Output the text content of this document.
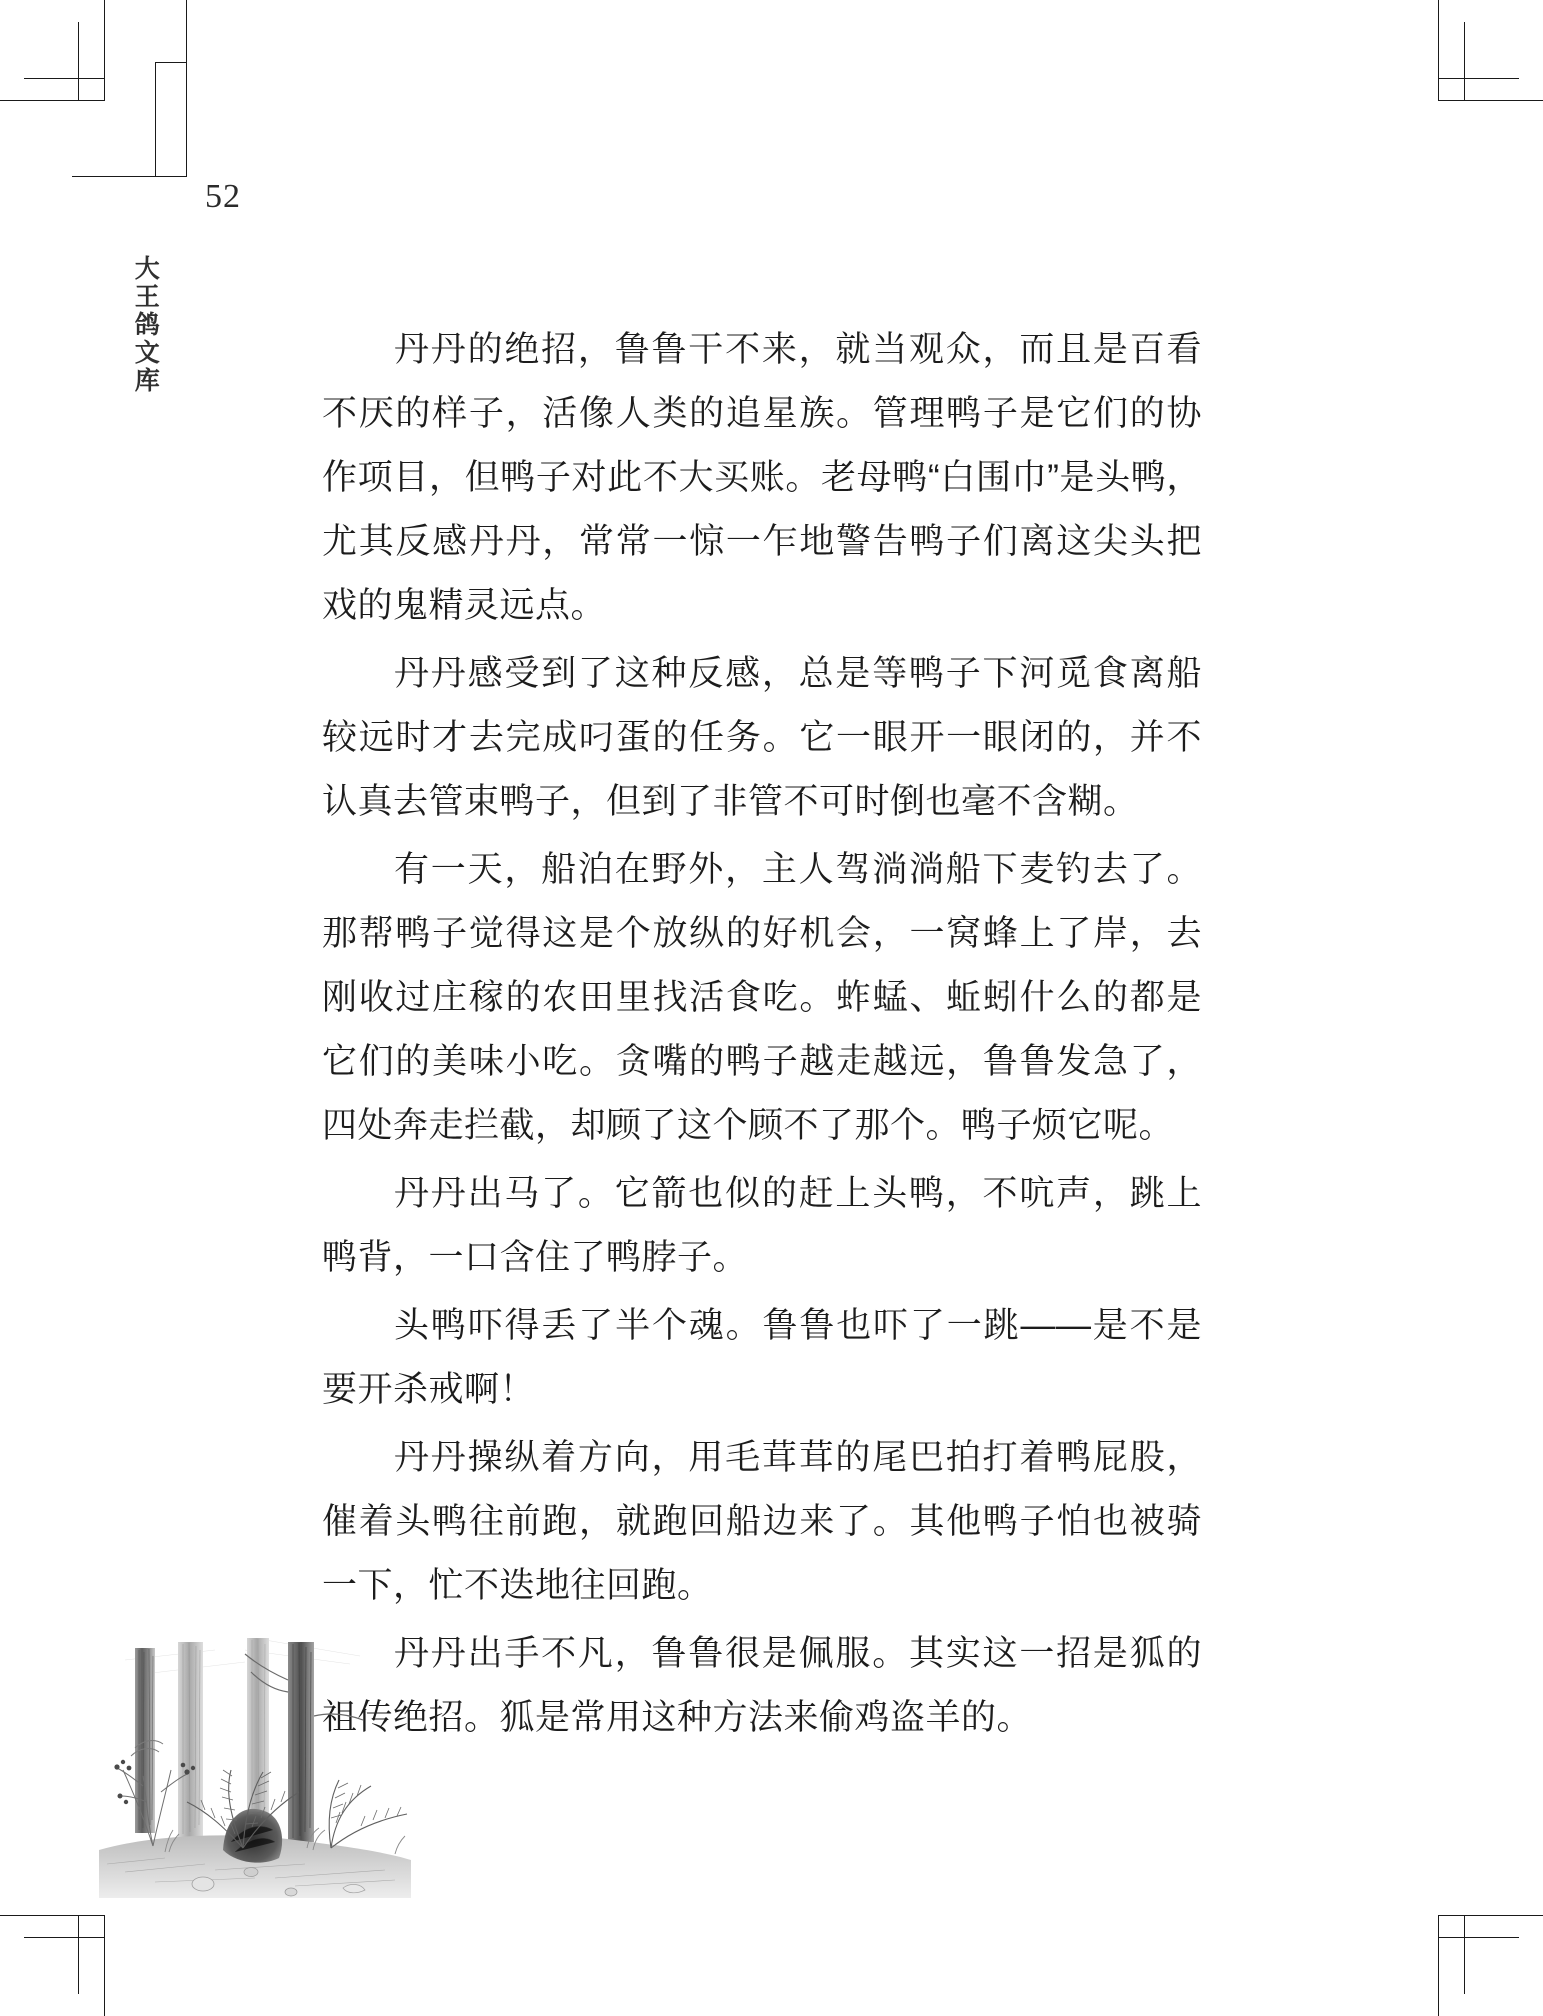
52
大王鸽文库	丹丹的绝招，鲁鲁干不来，就当观众，而且是百看不厌的样子，活像人类的追星族。管理鸭子是它们的协作项目，但鸭子对此不大买账。老母鸭“白围巾”是头鸭，尤其反感丹丹，常常一惊一乍地警告鸭子们离这尖头把戏的鬼精灵远点。

丹丹感受到了这种反感，总是等鸭子下河觅食离船较远时才去完成叼蛋的任务。它一眼开一眼闭的，并不认真去管束鸭子，但到了非管不可时倒也毫不含糊。

有一天，船泊在野外，主人驾淌淌船下麦钓去了。那帮鸭子觉得这是个放纵的好机会，一窝蜂上了岸，去刚收过庄稼的农田里找活食吃。蚱蜢、蚯蚓什么的都是它们的美味小吃。贪嘴的鸭子越走越远，鲁鲁发急了，四处奔走拦截，却顾了这个顾不了那个。鸭子烦它呢。

丹丹出马了。它箭也似的赶上头鸭，不吭声，跳上鸭背，一口含住了鸭脖子。

头鸭吓得丢了半个魂。鲁鲁也吓了一跳——是不是要开杀戒啊！

丹丹操纵着方向，用毛茸茸的尾巴拍打着鸭屁股，催着头鸭往前跑，就跑回船边来了。其他鸭子怕也被骑一下，忙不迭地往回跑。

丹丹出手不凡，鲁鲁很是佩服。其实这一招是狐的祖传绝招。狐是常用这种方法来偷鸡盗羊的。
